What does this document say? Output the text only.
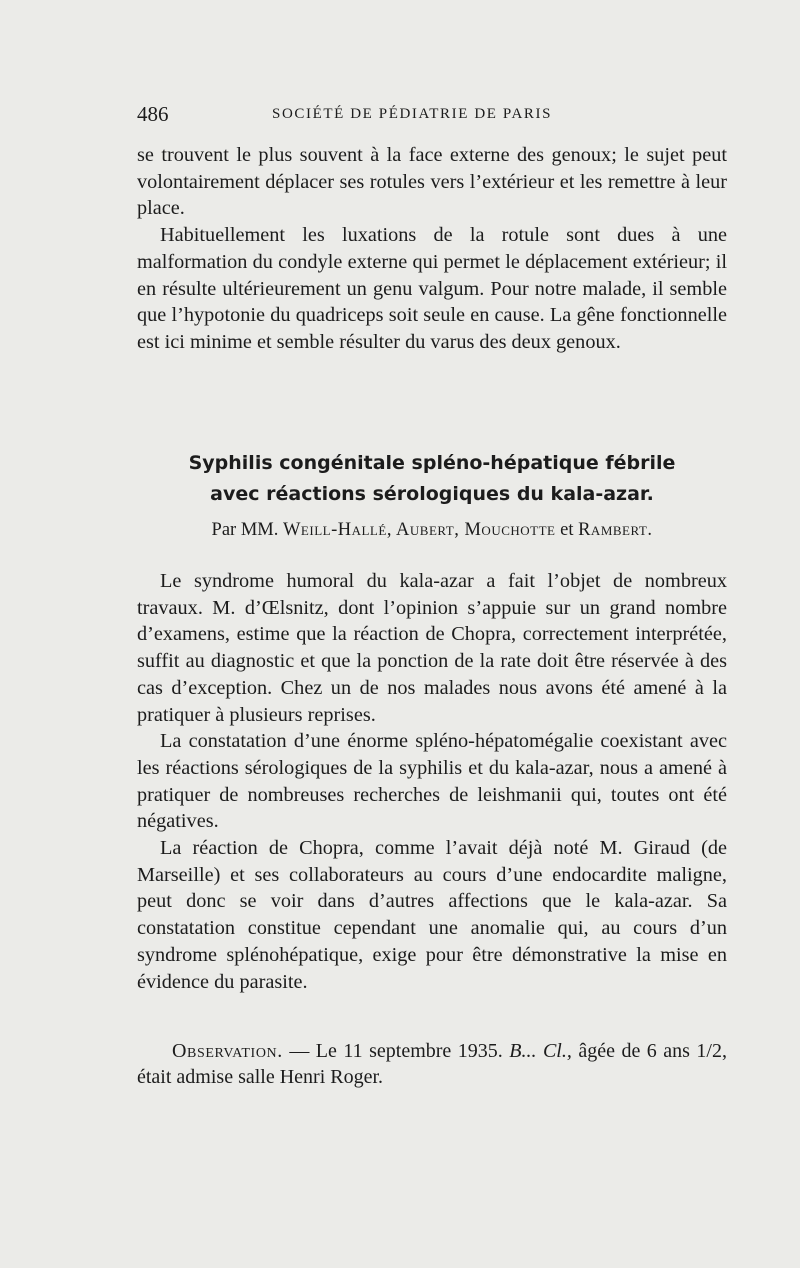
486	SOCIÉTÉ DE PÉDIATRIE DE PARIS

se trouvent le plus souvent à la face externe des genoux; le sujet peut volontairement déplacer ses rotules vers l’extérieur et les remettre à leur place.

Habituellement les luxations de la rotule sont dues à une malformation du condyle externe qui permet le déplacement extérieur; il en résulte ultérieurement un genu valgum. Pour notre malade, il semble que l’hypotonie du quadriceps soit seule en cause. La gêne fonctionnelle est ici minime et semble résulter du varus des deux genoux.

Syphilis congénitale spléno-hépatique fébrile
avec réactions sérologiques du kala-azar.
Par MM. Weill-Hallé, Aubert, Mouchotte et Rambert.

Le syndrome humoral du kala-azar a fait l’objet de nombreux travaux. M. d’Œlsnitz, dont l’opinion s’appuie sur un grand nombre d’examens, estime que la réaction de Chopra, correctement interprétée, suffit au diagnostic et que la ponction de la rate doit être réservée à des cas d’exception. Chez un de nos malades nous avons été amené à la pratiquer à plusieurs reprises.

La constatation d’une énorme spléno-hépatomégalie coexistant avec les réactions sérologiques de la syphilis et du kala-azar, nous a amené à pratiquer de nombreuses recherches de leishmanii qui, toutes ont été négatives.

La réaction de Chopra, comme l’avait déjà noté M. Giraud (de Marseille) et ses collaborateurs au cours d’une endocardite maligne, peut donc se voir dans d’autres affections que le kala-azar. Sa constatation constitue cependant une anomalie qui, au cours d’un syndrome splénohépatique, exige pour être démonstrative la mise en évidence du parasite.

Observation. — Le 11 septembre 1935. B... Cl., âgée de 6 ans 1/2, était admise salle Henri Roger.
